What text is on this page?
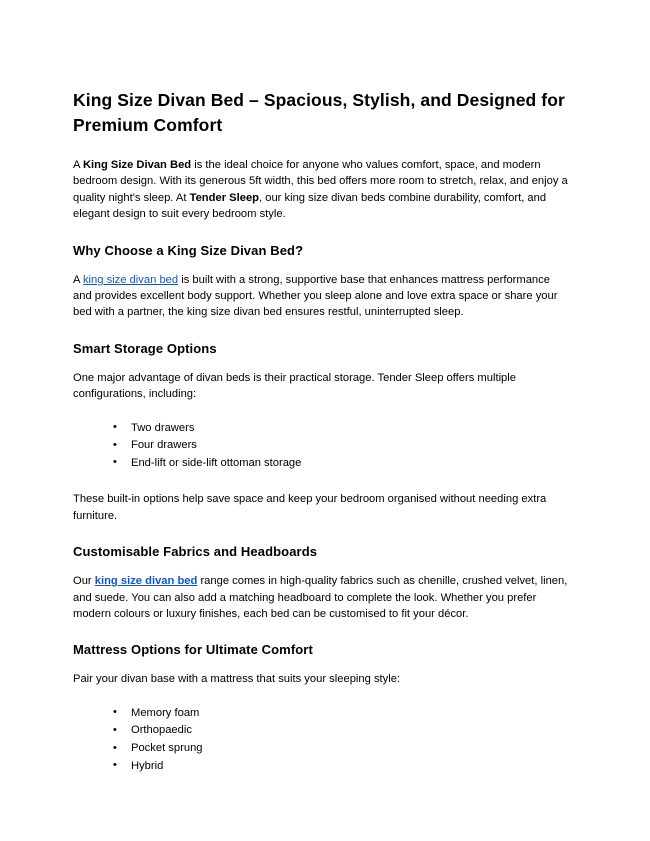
King Size Divan Bed – Spacious, Stylish, and Designed for Premium Comfort

A King Size Divan Bed is the ideal choice for anyone who values comfort, space, and modern bedroom design. With its generous 5ft width, this bed offers more room to stretch, relax, and enjoy a quality night's sleep. At Tender Sleep, our king size divan beds combine durability, comfort, and elegant design to suit every bedroom style.

Why Choose a King Size Divan Bed?

A king size divan bed is built with a strong, supportive base that enhances mattress performance and provides excellent body support. Whether you sleep alone and love extra space or share your bed with a partner, the king size divan bed ensures restful, uninterrupted sleep.

Smart Storage Options

One major advantage of divan beds is their practical storage. Tender Sleep offers multiple configurations, including:

• Two drawers
• Four drawers
• End-lift or side-lift ottoman storage

These built-in options help save space and keep your bedroom organised without needing extra furniture.

Customisable Fabrics and Headboards

Our king size divan bed range comes in high-quality fabrics such as chenille, crushed velvet, linen, and suede. You can also add a matching headboard to complete the look. Whether you prefer modern colours or luxury finishes, each bed can be customised to fit your décor.

Mattress Options for Ultimate Comfort

Pair your divan base with a mattress that suits your sleeping style:

• Memory foam
• Orthopaedic
• Pocket sprung
• Hybrid
